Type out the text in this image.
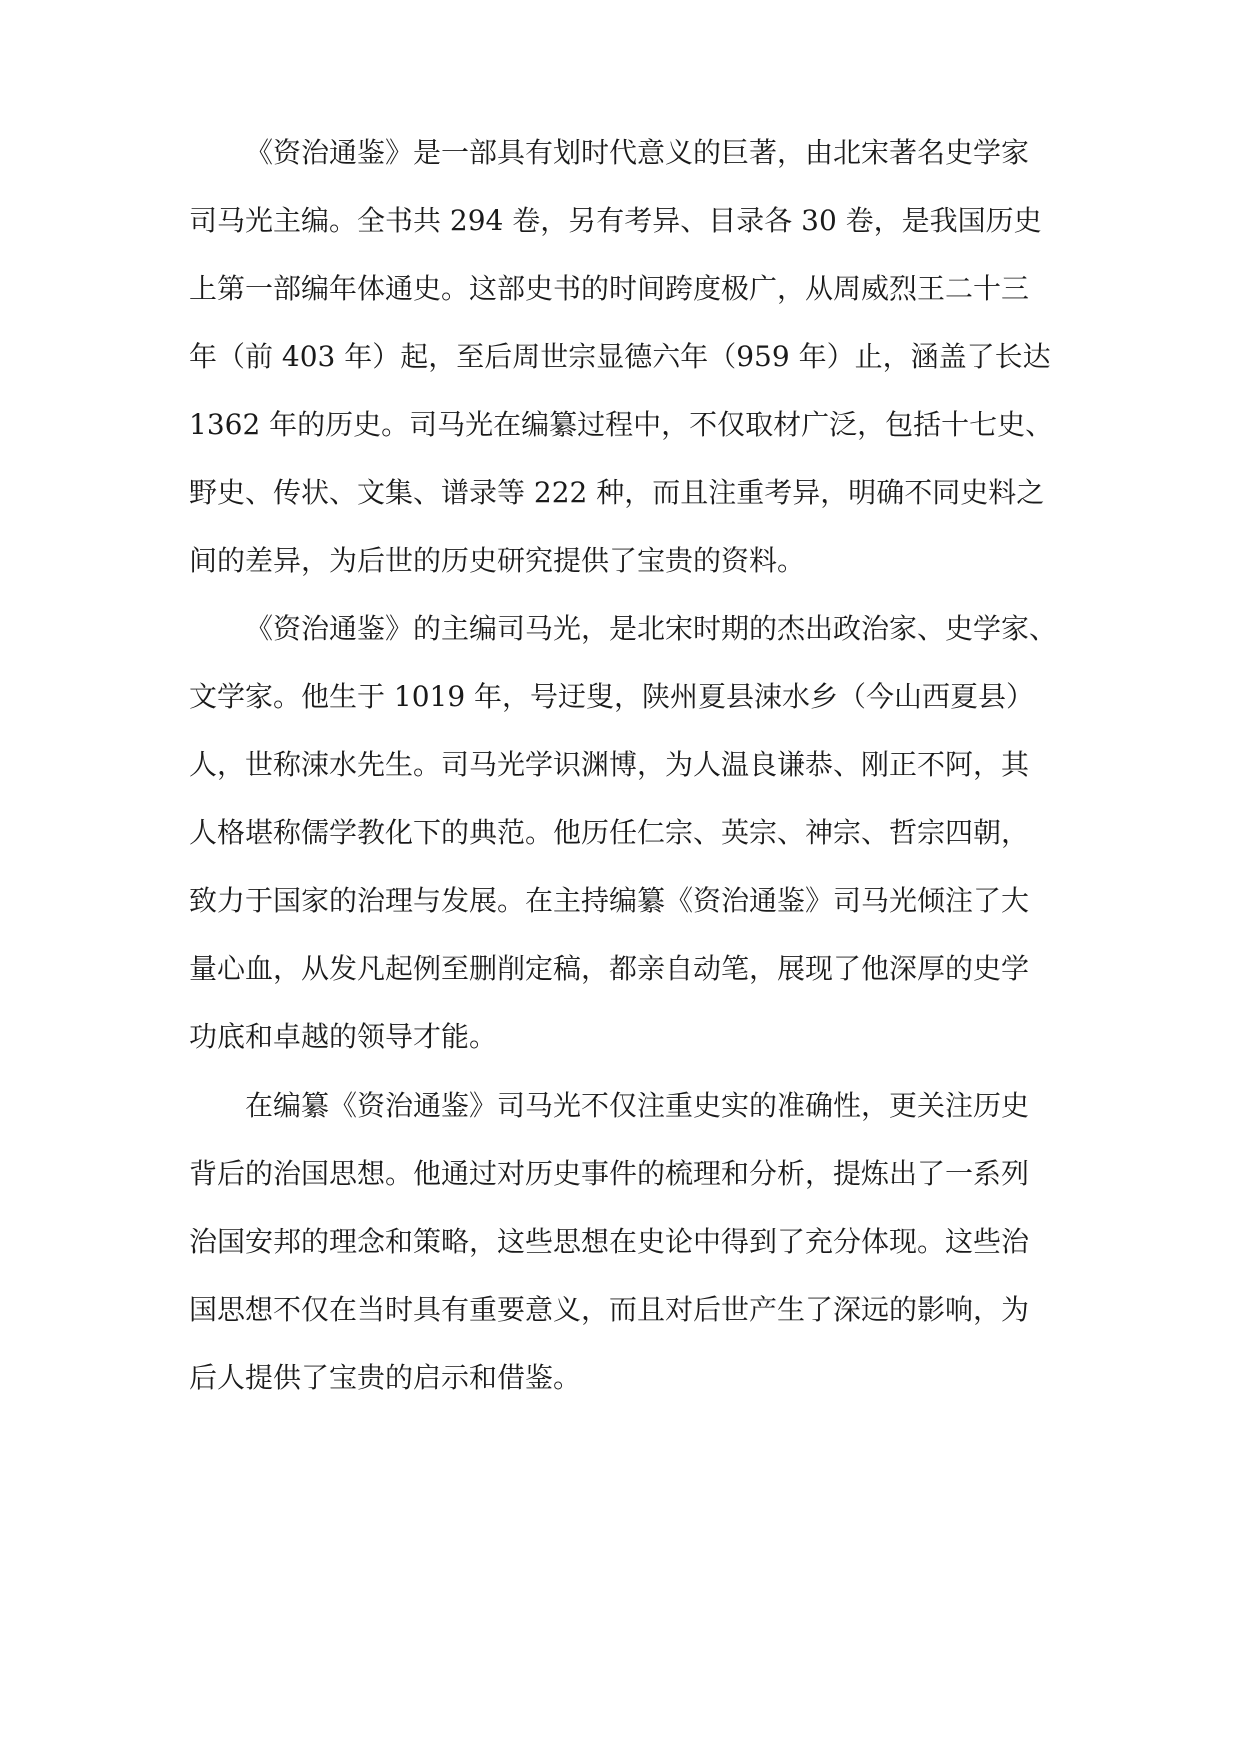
《资治通鉴》是一部具有划时代意义的巨著，由北宋著名史学家
司马光主编。全书共 294 卷，另有考异、目录各 30 卷，是我国历史
上第一部编年体通史。这部史书的时间跨度极广，从周威烈王二十三
年（前 403 年）起，至后周世宗显德六年（959 年）止，涵盖了长达
1362 年的历史。司马光在编纂过程中，不仅取材广泛，包括十七史、
野史、传状、文集、谱录等 222 种，而且注重考异，明确不同史料之
间的差异，为后世的历史研究提供了宝贵的资料。
《资治通鉴》的主编司马光，是北宋时期的杰出政治家、史学家、
文学家。他生于 1019 年，号迂叟，陕州夏县涑水乡（今山西夏县）
人，世称涑水先生。司马光学识渊博，为人温良谦恭、刚正不阿，其
人格堪称儒学教化下的典范。他历任仁宗、英宗、神宗、哲宗四朝，
致力于国家的治理与发展。在主持编纂《资治通鉴》司马光倾注了大
量心血，从发凡起例至删削定稿，都亲自动笔，展现了他深厚的史学
功底和卓越的领导才能。
在编纂《资治通鉴》司马光不仅注重史实的准确性，更关注历史
背后的治国思想。他通过对历史事件的梳理和分析，提炼出了一系列
治国安邦的理念和策略，这些思想在史论中得到了充分体现。这些治
国思想不仅在当时具有重要意义，而且对后世产生了深远的影响，为
后人提供了宝贵的启示和借鉴。
